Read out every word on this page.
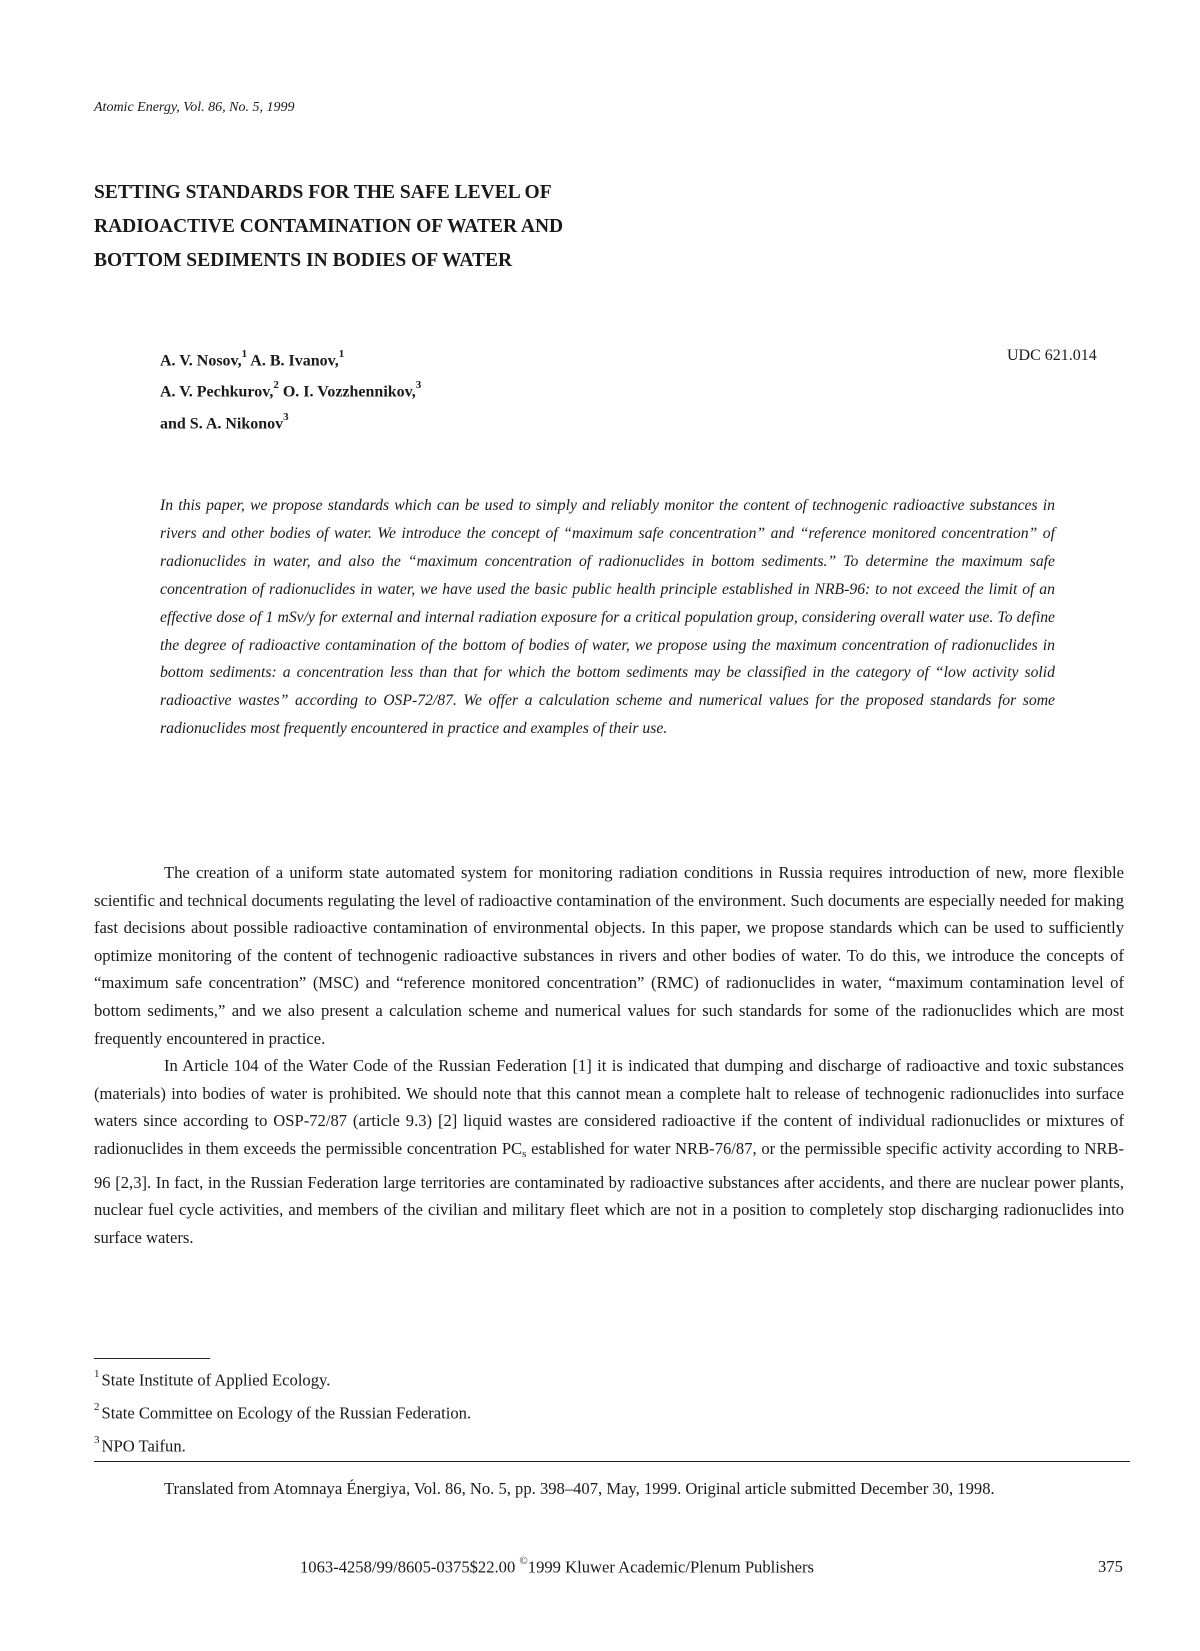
Atomic Energy, Vol. 86, No. 5, 1999
SETTING STANDARDS FOR THE SAFE LEVEL OF
RADIOACTIVE CONTAMINATION OF WATER AND
BOTTOM SEDIMENTS IN BODIES OF WATER
A. V. Nosov,$^1$ A. B. Ivanov,$^1$
A. V. Pechkurov,$^2$ O. I. Vozzhennikov,$^3$
and S. A. Nikonov$^3$
UDC 621.014

In this paper, we propose standards which can be used to simply and reliably monitor the content of technogenic radioactive substances in rivers and other bodies of water. We introduce the concept of “maximum safe concentration” and “reference monitored concentration” of radionuclides in water, and also the “maximum concentration of radionuclides in bottom sediments.” To determine the maximum safe concentration of radionuclides in water, we have used the basic public health principle established in NRB-96: to not exceed the limit of an effective dose of 1 mSv/y for external and internal radiation exposure for a critical population group, considering overall water use. To define the degree of radioactive contamination of the bottom of bodies of water, we propose using the maximum concentration of radionuclides in bottom sediments: a concentration less than that for which the bottom sediments may be classified in the category of “low activity solid radioactive wastes” according to OSP-72/87. We offer a calculation scheme and numerical values for the proposed standards for some radionuclides most frequently encountered in practice and examples of their use.

The creation of a uniform state automated system for monitoring radiation conditions in Russia requires introduction of new, more flexible scientific and technical documents regulating the level of radioactive contamination of the environment. Such documents are especially needed for making fast decisions about possible radioactive contamination of environmental objects. In this paper, we propose standards which can be used to sufficiently optimize monitoring of the content of technogenic radioactive substances in rivers and other bodies of water. To do this, we introduce the concepts of “maximum safe concentration” (MSC) and “reference monitored concentration” (RMC) of radionuclides in water, “maximum contamination level of bottom sediments,” and we also present a calculation scheme and numerical values for such standards for some of the radionuclides which are most frequently encountered in practice.

In Article 104 of the Water Code of the Russian Federation [1] it is indicated that dumping and discharge of radioactive and toxic substances (materials) into bodies of water is prohibited. We should note that this cannot mean a complete halt to release of technogenic radionuclides into surface waters since according to OSP-72/87 (article 9.3) [2] liquid wastes are considered radioactive if the content of individual radionuclides or mixtures of radionuclides in them exceeds the permissible concentration $PC_s$ established for water NRB-76/87, or the permissible specific activity according to NRB-96 [2,3]. In fact, in the Russian Federation large territories are contaminated by radioactive substances after accidents, and there are nuclear power plants, nuclear fuel cycle activities, and members of the civilian and military fleet which are not in a position to completely stop discharging radionuclides into surface waters.

$^1$ State Institute of Applied Ecology.
$^2$ State Committee on Ecology of the Russian Federation.
$^3$ NPO Taifun.

Translated from Atomnaya Énergiya, Vol. 86, No. 5, pp. 398–407, May, 1999. Original article submitted December 30, 1998.

1063-4258/99/8605-0375$22.00 ©1999 Kluwer Academic/Plenum Publishers	375
